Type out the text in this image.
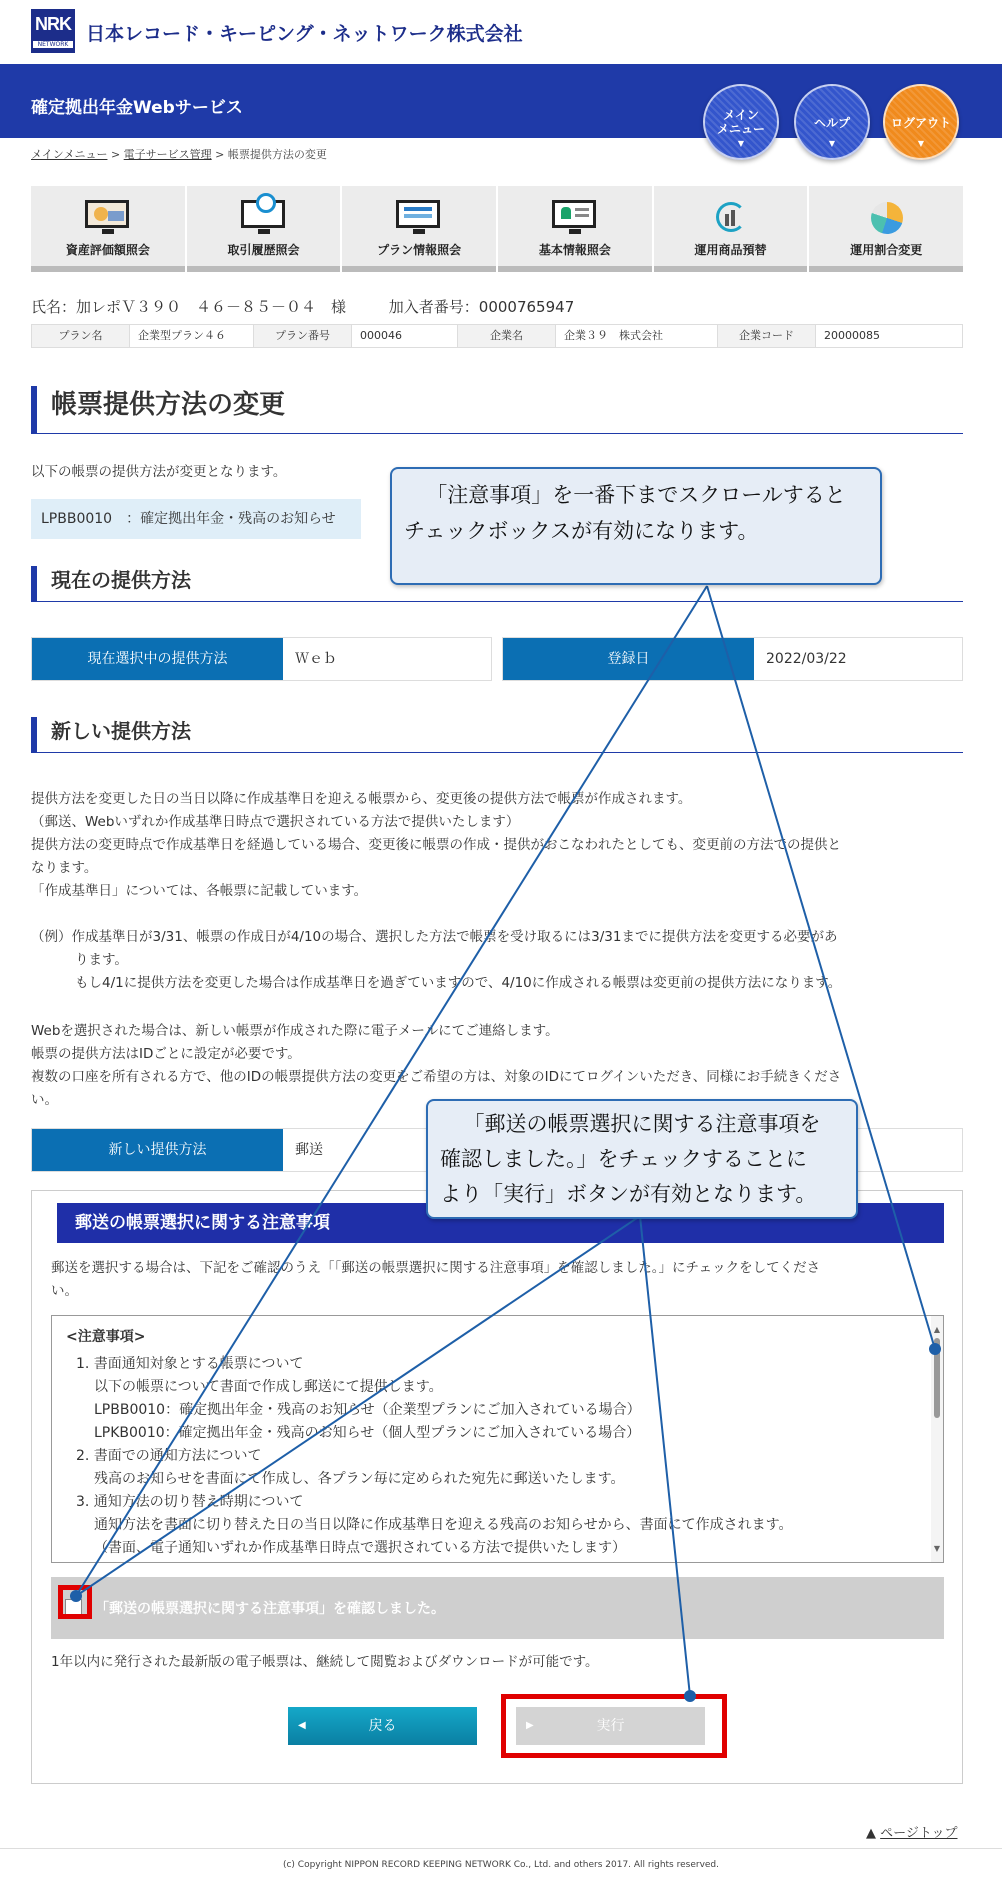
NRK
NETWORK 日本レコード・キーピング・ネットワーク株式会社
確定拠出年金Webサービス	メイン
メニュー
▼
ヘルプ
▼
ログアウト
▼
メインメニュー > 電子サービス管理 > 帳票提供方法の変更
資産評価額照会	取引履歴照会	プラン情報照会	基本情報照会	運用商品預替	運用割合変更
氏名：加レポＶ３９０　４６－８５－０４　様	加入者番号：0000765947
プラン名	企業型プラン４６	プラン番号	000046	企業名	企業３９　株式会社	企業コード	20000085
帳票提供方法の変更
以下の帳票の提供方法が変更となります。
LPBB0010　：確定拠出年金・残高のお知らせ
現在の提供方法
現在選択中の提供方法	Ｗｅｂ	登録日	2022/03/22
新しい提供方法
提供方法を変更した日の当日以降に作成基準日を迎える帳票から、変更後の提供方法で帳票が作成されます。
（郵送、Webいずれか作成基準日時点で選択されている方法で提供いたします）
提供方法の変更時点で作成基準日を経過している場合、変更後に帳票の作成・提供がおこなわれたとしても、変更前の方法での提供と
なります。
「作成基準日」については、各帳票に記載しています。
（例）作成基準日が3/31、帳票の作成日が4/10の場合、選択した方法で帳票を受け取るには3/31までに提供方法を変更する必要があ
ります。
もし4/1に提供方法を変更した場合は作成基準日を過ぎていますので、4/10に作成される帳票は変更前の提供方法になります。
Webを選択された場合は、新しい帳票が作成された際に電子メールにてご連絡します。
帳票の提供方法はIDごとに設定が必要です。
複数の口座を所有される方で、他のIDの帳票提供方法の変更をご希望の方は、対象のIDにてログインいただき、同様にお手続きくださ
い。
新しい提供方法	郵送
郵送の帳票選択に関する注意事項
郵送を選択する場合は、下記をご確認のうえ「「郵送の帳票選択に関する注意事項」を確認しました。」にチェックをしてくださ
い。
<注意事項>
1. 書面通知対象とする帳票について
以下の帳票について書面で作成し郵送にて提供します。
LPBB0010：確定拠出年金・残高のお知らせ（企業型プランにご加入されている場合）
LPKB0010：確定拠出年金・残高のお知らせ（個人型プランにご加入されている場合）
2. 書面での通知方法について
残高のお知らせを書面にて作成し、各プラン毎に定められた宛先に郵送いたします。
3. 通知方法の切り替え時期について
通知方法を書面に切り替えた日の当日以降に作成基準日を迎える残高のお知らせから、書面にて作成されます。
（書面、電子通知いずれか作成基準日時点で選択されている方法で提供いたします）
▲
▼
「郵送の帳票選択に関する注意事項」を確認しました。
1年以内に発行された最新版の電子帳票は、継続して閲覧およびダウンロードが可能です。
◀	戻る	▶	実行
「注意事項」を一番下までスクロールすると
チェックボックスが有効になります。
「郵送の帳票選択に関する注意事項を
確認しました。」をチェックすることに
より「実行」ボタンが有効となります。
▲ ページトップ
(c) Copyright NIPPON RECORD KEEPING NETWORK Co., Ltd. and others 2017. All rights reserved.
